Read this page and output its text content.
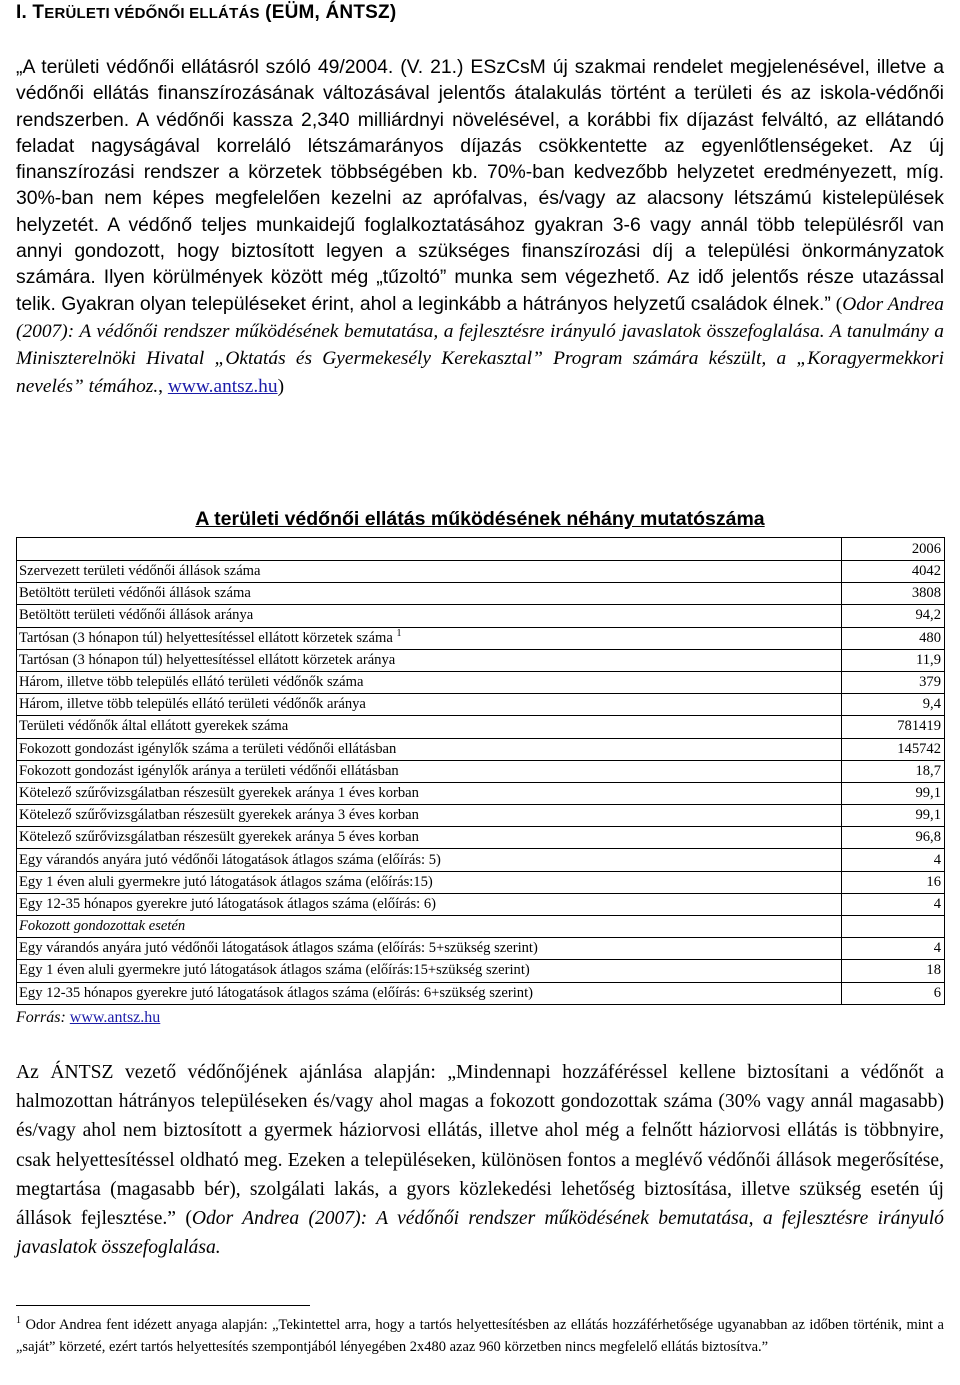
I. TERÜLETI VÉDŐNŐI ELLÁTÁS (EÜM, ÁNTSZ)
„A területi védőnői ellátásról szóló 49/2004. (V. 21.) ESzCsM új szakmai rendelet megjelenésével, illetve a védőnői ellátás finanszírozásának változásával jelentős átalakulás történt a területi és az iskola-védőnői rendszerben. A védőnői kassza 2,340 milliárdnyi növelésével, a korábbi fix díjazást felváltó, az ellátandó feladat nagyságával korreláló létszámarányos díjazás csökkentette az egyenlőtlenségeket. Az új finanszírozási rendszer a körzetek többségében kb. 70%-ban kedvezőbb helyzetet eredményezett, míg. 30%-ban nem képes megfelelően kezelni az aprófalvas, és/vagy az alacsony létszámú kistelepülések helyzetét. A védőnő teljes munkaidejű foglalkoztatásához gyakran 3-6 vagy annál több településről van annyi gondozott, hogy biztosított legyen a szükséges finanszírozási díj a települési önkormányzatok számára. Ilyen körülmények között még „tűzoltó” munka sem végezhető. Az idő jelentős része utazással telik. Gyakran olyan településeket érint, ahol a leginkább a hátrányos helyzetű családok élnek.” (Odor Andrea (2007): A védőnői rendszer működésének bemutatása, a fejlesztésre irányuló javaslatok összefoglalása. A tanulmány a Miniszterelnöki Hivatal „Oktatás és Gyermekesély Kerekasztal” Program számára készült, a „Koragyermekkori nevelés” témához., www.antsz.hu)
A területi védőnői ellátás működésének néhány mutatószáma
	2006
Szervezett területi védőnői állások száma	4042
Betöltött területi védőnői állások száma	3808
Betöltött területi védőnői állások aránya	94,2
Tartósan (3 hónapon túl) helyettesítéssel ellátott körzetek száma $^1$	480
Tartósan (3 hónapon túl) helyettesítéssel ellátott körzetek aránya	11,9
Három, illetve több település ellátó területi védőnők száma	379
Három, illetve több település ellátó területi védőnők aránya	9,4
Területi védőnők által ellátott gyerekek száma	781419
Fokozott gondozást igénylők száma a területi védőnői ellátásban	145742
Fokozott gondozást igénylők aránya a területi védőnői ellátásban	18,7
Kötelező szűrővizsgálatban részesült gyerekek aránya 1 éves korban	99,1
Kötelező szűrővizsgálatban részesült gyerekek aránya 3 éves korban	99,1
Kötelező szűrővizsgálatban részesült gyerekek aránya 5 éves korban	96,8
Egy várandós anyára jutó védőnői látogatások átlagos száma (előírás: 5)	4
Egy 1 éven aluli gyermekre jutó látogatások átlagos száma (előírás:15)	16
Egy 12-35 hónapos gyerekre jutó látogatások átlagos száma (előírás: 6)	4
Fokozott gondozottak esetén	
Egy várandós anyára jutó védőnői látogatások átlagos száma (előírás: 5+szükség szerint)	4
Egy 1 éven aluli gyermekre jutó látogatások átlagos száma (előírás:15+szükség szerint)	18
Egy 12-35 hónapos gyerekre jutó látogatások átlagos száma (előírás: 6+szükség szerint)	6
Forrás: www.antsz.hu
Az ÁNTSZ vezető védőnőjének ajánlása alapján: „Mindennapi hozzáféréssel kellene biztosítani a védőnőt a halmozottan hátrányos településeken és/vagy ahol magas a fokozott gondozottak száma (30% vagy annál magasabb) és/vagy ahol nem biztosított a gyermek háziorvosi ellátás, illetve ahol még a felnőtt háziorvosi ellátás is többnyire, csak helyettesítéssel oldható meg. Ezeken a településeken, különösen fontos a meglévő védőnői állások megerősítése, megtartása (magasabb bér), szolgálati lakás, a gyors közlekedési lehetőség biztosítása, illetve szükség esetén új állások fejlesztése.” (Odor Andrea (2007): A védőnői rendszer működésének bemutatása, a fejlesztésre irányuló javaslatok összefoglalása.
$^1$ Odor Andrea fent idézett anyaga alapján: „Tekintettel arra, hogy a tartós helyettesítésben az ellátás hozzáférhetősége ugyanabban az időben történik, mint a „saját” körzeté, ezért tartós helyettesítés szempontjából lényegében 2x480 azaz 960 körzetben nincs megfelelő ellátás biztosítva.”
